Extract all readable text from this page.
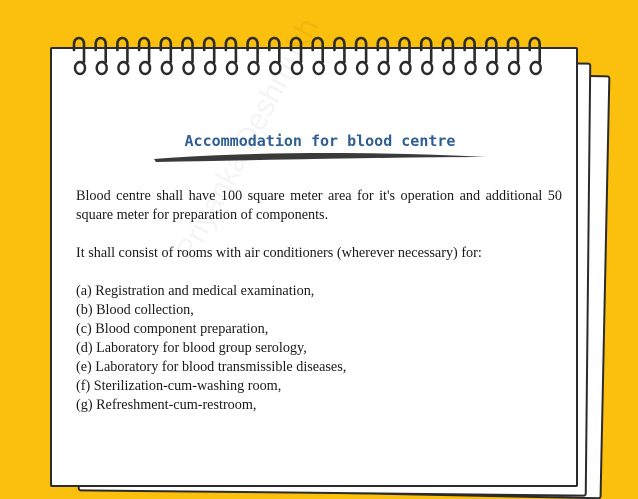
Accommodation for blood centre

Blood centre shall have 100 square meter area for it's operation and additional 50 square meter for preparation of components.

It shall consist of rooms with air conditioners (wherever necessary) for:

(a) Registration and medical examination,

(b) Blood collection,

(c) Blood component preparation,

(d) Laboratory for blood group serology,

(e) Laboratory for blood transmissible diseases,

(f) Sterilization-cum-washing room,

(g) Refreshment-cum-restroom,
